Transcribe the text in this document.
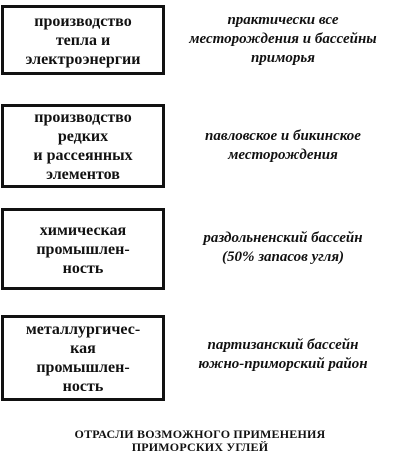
производство
тепла и
электроэнергии
практически все
месторождения и бассейны
приморья
производство
редких
и рассеянных
элементов
павловское и бикинское
месторождения
химическая
промышлен-
ность
раздольненский бассейн
(50% запасов угля)
металлургичес-
кая
промышлен-
ность
партизанский бассейн
южно-приморский район
ОТРАСЛИ ВОЗМОЖНОГО ПРИМЕНЕНИЯ
ПРИМОРСКИХ УГЛЕЙ
